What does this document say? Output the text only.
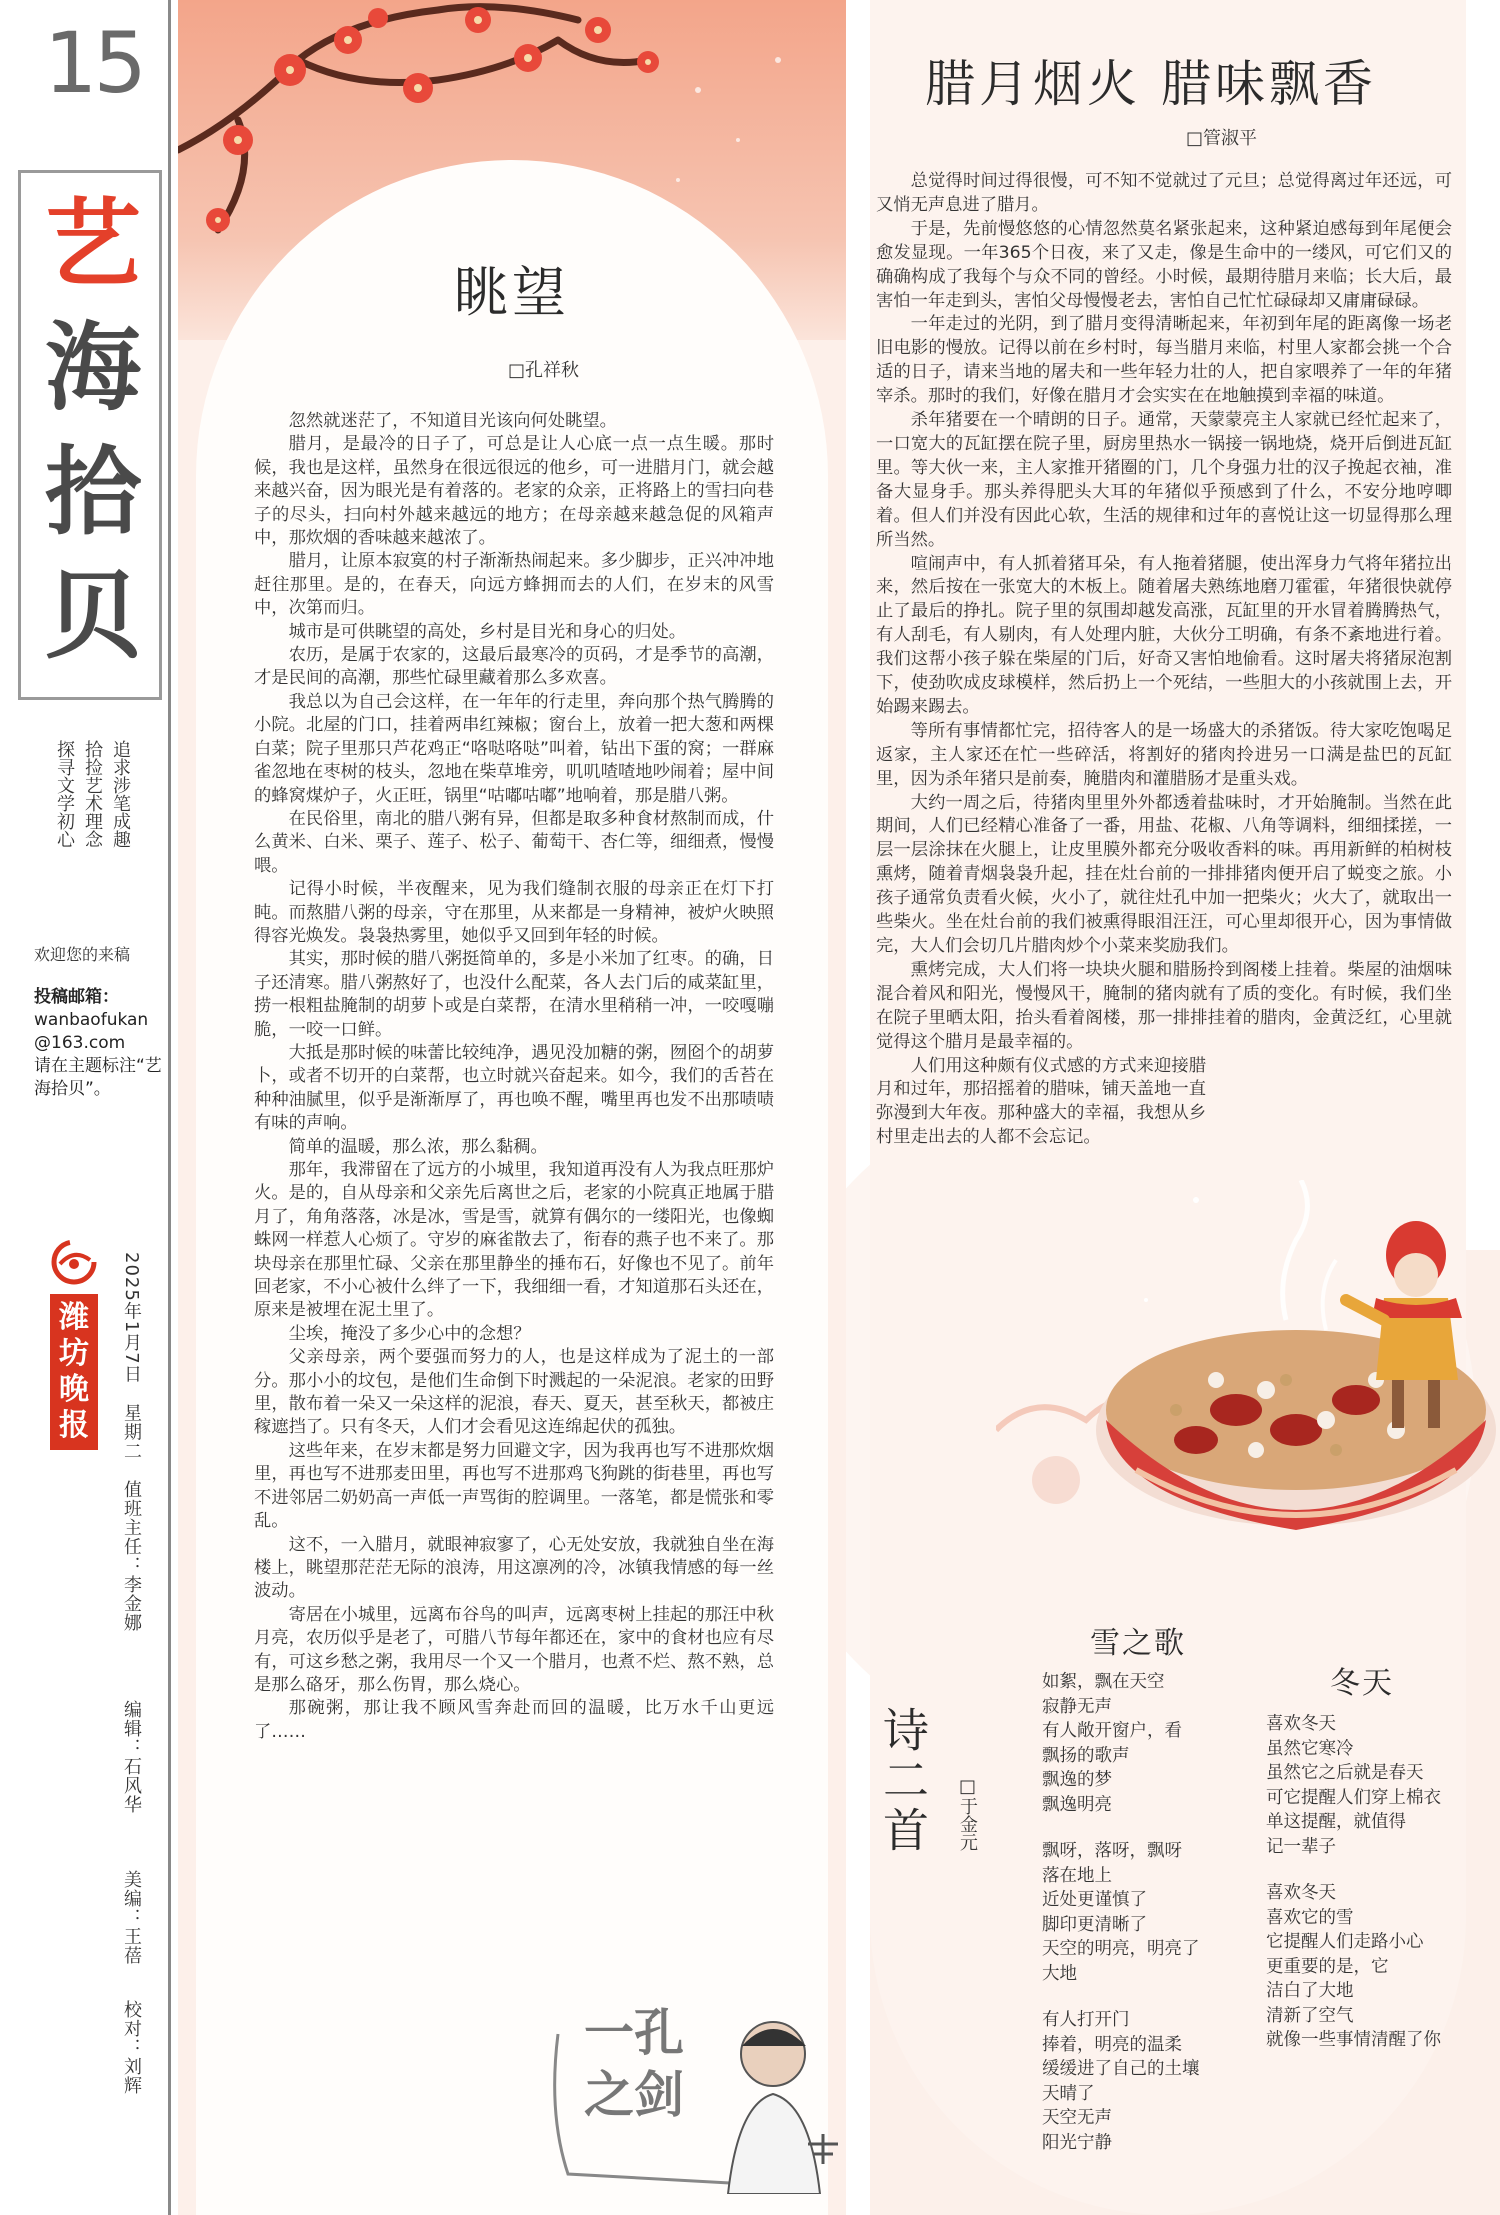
15
艺
海
拾
贝
追求涉笔成趣
拾捡艺术理念
探寻文学初心
欢迎您的来稿
投稿邮箱：
wanbaofukan@163.com
请在主题标注“艺海拾贝”。
潍坊晚报
2025年1月7日   星期二
值班主任：李金娜
编辑：石风华
美编：王蓓
校对：刘辉
眺望
□孔祥秋

忽然就迷茫了，不知道目光该向何处眺望。

腊月，是最冷的日子了，可总是让人心底一点一点生暖。那时候，我也是这样，虽然身在很远很远的他乡，可一进腊月门，就会越来越兴奋，因为眼光是有着落的。老家的众亲，正将路上的雪扫向巷子的尽头，扫向村外越来越远的地方；在母亲越来越急促的风箱声中，那炊烟的香味越来越浓了。

腊月，让原本寂寞的村子渐渐热闹起来。多少脚步，正兴冲冲地赶往那里。是的，在春天，向远方蜂拥而去的人们，在岁末的风雪中，次第而归。

城市是可供眺望的高处，乡村是目光和身心的归处。

农历，是属于农家的，这最后最寒冷的页码，才是季节的高潮，才是民间的高潮，那些忙碌里藏着那么多欢喜。

我总以为自己会这样，在一年年的行走里，奔向那个热气腾腾的小院。北屋的门口，挂着两串红辣椒；窗台上，放着一把大葱和两棵白菜；院子里那只芦花鸡正“咯哒咯哒”叫着，钻出下蛋的窝；一群麻雀忽地在枣树的枝头，忽地在柴草堆旁，叽叽喳喳地吵闹着；屋中间的蜂窝煤炉子，火正旺，锅里“咕嘟咕嘟”地响着，那是腊八粥。

在民俗里，南北的腊八粥有异，但都是取多种食材熬制而成，什么黄米、白米、栗子、莲子、松子、葡萄干、杏仁等，细细煮，慢慢喂。

记得小时候，半夜醒来，见为我们缝制衣服的母亲正在灯下打盹。而熬腊八粥的母亲，守在那里，从来都是一身精神，被炉火映照得容光焕发。袅袅热雾里，她似乎又回到年轻的时候。

其实，那时候的腊八粥挺简单的，多是小米加了红枣。的确，日子还清寒。腊八粥熬好了，也没什么配菜，各人去门后的咸菜缸里，捞一根粗盐腌制的胡萝卜或是白菜帮，在清水里稍稍一冲，一咬嘎嘣脆，一咬一口鲜。

大抵是那时候的味蕾比较纯净，遇见没加糖的粥，囫囵个的胡萝卜，或者不切开的白菜帮，也立时就兴奋起来。如今，我们的舌苔在种种油腻里，似乎是渐渐厚了，再也唤不醒，嘴里再也发不出那啧啧有味的声响。

简单的温暖，那么浓，那么黏稠。

那年，我滞留在了远方的小城里，我知道再没有人为我点旺那炉火。是的，自从母亲和父亲先后离世之后，老家的小院真正地属于腊月了，角角落落，冰是冰，雪是雪，就算有偶尔的一缕阳光，也像蜘蛛网一样惹人心烦了。守岁的麻雀散去了，衔春的燕子也不来了。那块母亲在那里忙碌、父亲在那里静坐的捶布石，好像也不见了。前年回老家，不小心被什么绊了一下，我细细一看，才知道那石头还在，原来是被埋在泥土里了。

尘埃，掩没了多少心中的念想？

父亲母亲，两个要强而努力的人，也是这样成为了泥土的一部分。那小小的坟包，是他们生命倒下时溅起的一朵泥浪。老家的田野里，散布着一朵又一朵这样的泥浪，春天、夏天，甚至秋天，都被庄稼遮挡了。只有冬天，人们才会看见这连绵起伏的孤独。

这些年来，在岁末都是努力回避文字，因为我再也写不进那炊烟里，再也写不进那麦田里，再也写不进那鸡飞狗跳的街巷里，再也写不进邻居二奶奶高一声低一声骂街的腔调里。一落笔，都是慌张和零乱。

这不，一入腊月，就眼神寂寥了，心无处安放，我就独自坐在海楼上，眺望那茫茫无际的浪涛，用这凛冽的冷，冰镇我情感的每一丝波动。

寄居在小城里，远离布谷鸟的叫声，远离枣树上挂起的那汪中秋月亮，农历似乎是老了，可腊八节每年都还在，家中的食材也应有尽有，可这乡愁之粥，我用尽一个又一个腊月，也煮不烂、熬不熟，总是那么硌牙，那么伤胃，那么烧心。

那碗粥，那让我不顾风雪奔赴而回的温暖，比万水千山更远了……

一孔之剑
腊月烟火 腊味飘香
□管淑平

总觉得时间过得很慢，可不知不觉就过了元旦；总觉得离过年还远，可又悄无声息进了腊月。

于是，先前慢悠悠的心情忽然莫名紧张起来，这种紧迫感每到年尾便会愈发显现。一年365个日夜，来了又走，像是生命中的一缕风，可它们又的确确构成了我每个与众不同的曾经。小时候，最期待腊月来临；长大后，最害怕一年走到头，害怕父母慢慢老去，害怕自己忙忙碌碌却又庸庸碌碌。

一年走过的光阴，到了腊月变得清晰起来，年初到年尾的距离像一场老旧电影的慢放。记得以前在乡村时，每当腊月来临，村里人家都会挑一个合适的日子，请来当地的屠夫和一些年轻力壮的人，把自家喂养了一年的年猪宰杀。那时的我们，好像在腊月才会实实在在地触摸到幸福的味道。

杀年猪要在一个晴朗的日子。通常，天蒙蒙亮主人家就已经忙起来了，一口宽大的瓦缸摆在院子里，厨房里热水一锅接一锅地烧，烧开后倒进瓦缸里。等大伙一来，主人家推开猪圈的门，几个身强力壮的汉子挽起衣袖，准备大显身手。那头养得肥头大耳的年猪似乎预感到了什么，不安分地哼唧着。但人们并没有因此心软，生活的规律和过年的喜悦让这一切显得那么理所当然。

喧闹声中，有人抓着猪耳朵，有人拖着猪腿，使出浑身力气将年猪拉出来，然后按在一张宽大的木板上。随着屠夫熟练地磨刀霍霍，年猪很快就停止了最后的挣扎。院子里的氛围却越发高涨，瓦缸里的开水冒着腾腾热气，有人刮毛，有人剔肉，有人处理内脏，大伙分工明确，有条不紊地进行着。我们这帮小孩子躲在柴屋的门后，好奇又害怕地偷看。这时屠夫将猪尿泡割下，使劲吹成皮球模样，然后扔上一个死结，一些胆大的小孩就围上去，开始踢来踢去。

等所有事情都忙完，招待客人的是一场盛大的杀猪饭。待大家吃饱喝足返家，主人家还在忙一些碎活，将割好的猪肉拎进另一口满是盐巴的瓦缸里，因为杀年猪只是前奏，腌腊肉和灌腊肠才是重头戏。

大约一周之后，待猪肉里里外外都透着盐味时，才开始腌制。当然在此期间，人们已经精心准备了一番，用盐、花椒、八角等调料，细细揉搓，一层一层涂抹在火腿上，让皮里膜外都充分吸收香料的味。再用新鲜的柏树枝熏烤，随着青烟袅袅升起，挂在灶台前的一排排猪肉便开启了蜕变之旅。小孩子通常负责看火候，火小了，就往灶孔中加一把柴火；火大了，就取出一些柴火。坐在灶台前的我们被熏得眼泪汪汪，可心里却很开心，因为事情做完，大人们会切几片腊肉炒个小菜来奖励我们。

熏烤完成，大人们将一块块火腿和腊肠拎到阁楼上挂着。柴屋的油烟味混合着风和阳光，慢慢风干，腌制的猪肉就有了质的变化。有时候，我们坐在院子里晒太阳，抬头看着阁楼，那一排排挂着的腊肉，金黄泛红，心里就觉得这个腊月是最幸福的。

人们用这种颇有仪式感的方式来迎接腊月和过年，那招摇着的腊味，铺天盖地一直弥漫到大年夜。那种盛大的幸福，我想从乡村里走出去的人都不会忘记。

诗二首 □于金元
雪之歌
如絮，飘在天空
寂静无声
有人敞开窗户，看
飘扬的歌声
飘逸的梦
飘逸明亮
飘呀，落呀，飘呀
落在地上
近处更谨慎了
脚印更清晰了
天空的明亮，明亮了
大地
有人打开门
捧着，明亮的温柔
缓缓进了自己的土壤
天晴了
天空无声
阳光宁静
冬天
喜欢冬天
虽然它寒冷
虽然它之后就是春天
可它提醒人们穿上棉衣
单这提醒，就值得
记一辈子
喜欢冬天
喜欢它的雪
它提醒人们走路小心
更重要的是，它
洁白了大地
清新了空气
就像一些事情清醒了你
